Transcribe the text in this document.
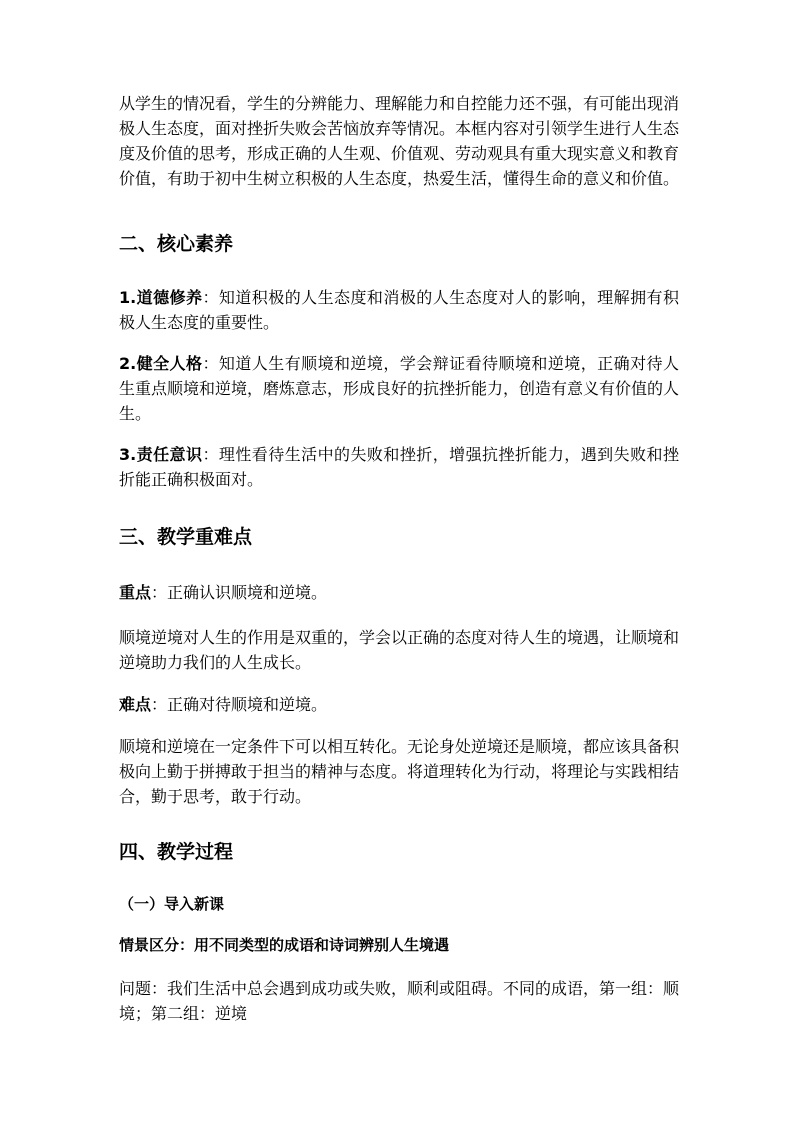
从学生的情况看，学生的分辨能力、理解能力和自控能力还不强，有可能出现消极人生态度，面对挫折失败会苦恼放弃等情况。本框内容对引领学生进行人生态度及价值的思考，形成正确的人生观、价值观、劳动观具有重大现实意义和教育价值，有助于初中生树立积极的人生态度，热爱生活，懂得生命的意义和价值。

二、核心素养

1.道德修养：知道积极的人生态度和消极的人生态度对人的影响，理解拥有积极人生态度的重要性。

2.健全人格：知道人生有顺境和逆境，学会辩证看待顺境和逆境，正确对待人生重点顺境和逆境，磨炼意志，形成良好的抗挫折能力，创造有意义有价值的人生。

3.责任意识：理性看待生活中的失败和挫折，增强抗挫折能力，遇到失败和挫折能正确积极面对。

三、教学重难点

重点：正确认识顺境和逆境。

顺境逆境对人生的作用是双重的，学会以正确的态度对待人生的境遇，让顺境和逆境助力我们的人生成长。

难点：正确对待顺境和逆境。

顺境和逆境在一定条件下可以相互转化。无论身处逆境还是顺境，都应该具备积极向上勤于拼搏敢于担当的精神与态度。将道理转化为行动，将理论与实践相结合，勤于思考，敢于行动。

四、教学过程
（一）导入新课

情景区分：用不同类型的成语和诗词辨别人生境遇

问题：我们生活中总会遇到成功或失败，顺利或阻碍。不同的成语，第一组：顺境；第二组：逆境
